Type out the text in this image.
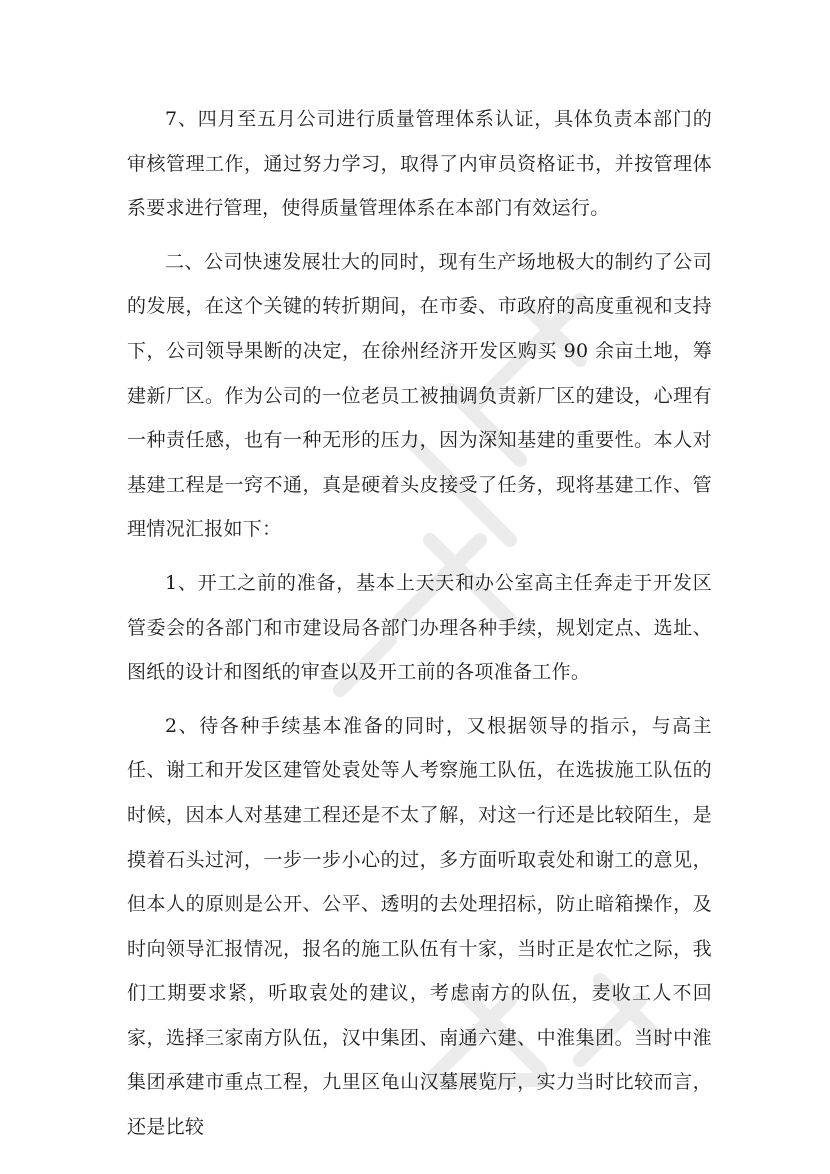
7、四月至五月公司进行质量管理体系认证，具体负责本部门的审核管理工作，通过努力学习，取得了内审员资格证书，并按管理体系要求进行管理，使得质量管理体系在本部门有效运行。

二、公司快速发展壮大的同时，现有生产场地极大的制约了公司的发展，在这个关键的转折期间，在市委、市政府的高度重视和支持下，公司领导果断的决定，在徐州经济开发区购买 90 余亩土地，筹建新厂区。作为公司的一位老员工被抽调负责新厂区的建设，心理有一种责任感，也有一种无形的压力，因为深知基建的重要性。本人对基建工程是一窍不通，真是硬着头皮接受了任务，现将基建工作、管理情况汇报如下：

1、开工之前的准备，基本上天天和办公室高主任奔走于开发区管委会的各部门和市建设局各部门办理各种手续，规划定点、选址、图纸的设计和图纸的审查以及开工前的各项准备工作。

2、待各种手续基本准备的同时，又根据领导的指示，与高主任、谢工和开发区建管处袁处等人考察施工队伍，在选拔施工队伍的时候，因本人对基建工程还是不太了解，对这一行还是比较陌生，是摸着石头过河，一步一步小心的过，多方面听取袁处和谢工的意见，但本人的原则是公开、公平、透明的去处理招标，防止暗箱操作，及时向领导汇报情况，报名的施工队伍有十家，当时正是农忙之际，我们工期要求紧，听取袁处的建议，考虑南方的队伍，麦收工人不回家，选择三家南方队伍，汉中集团、南通六建、中淮集团。当时中淮集团承建市重点工程，九里区龟山汉墓展览厅，实力当时比较而言，还是比较
